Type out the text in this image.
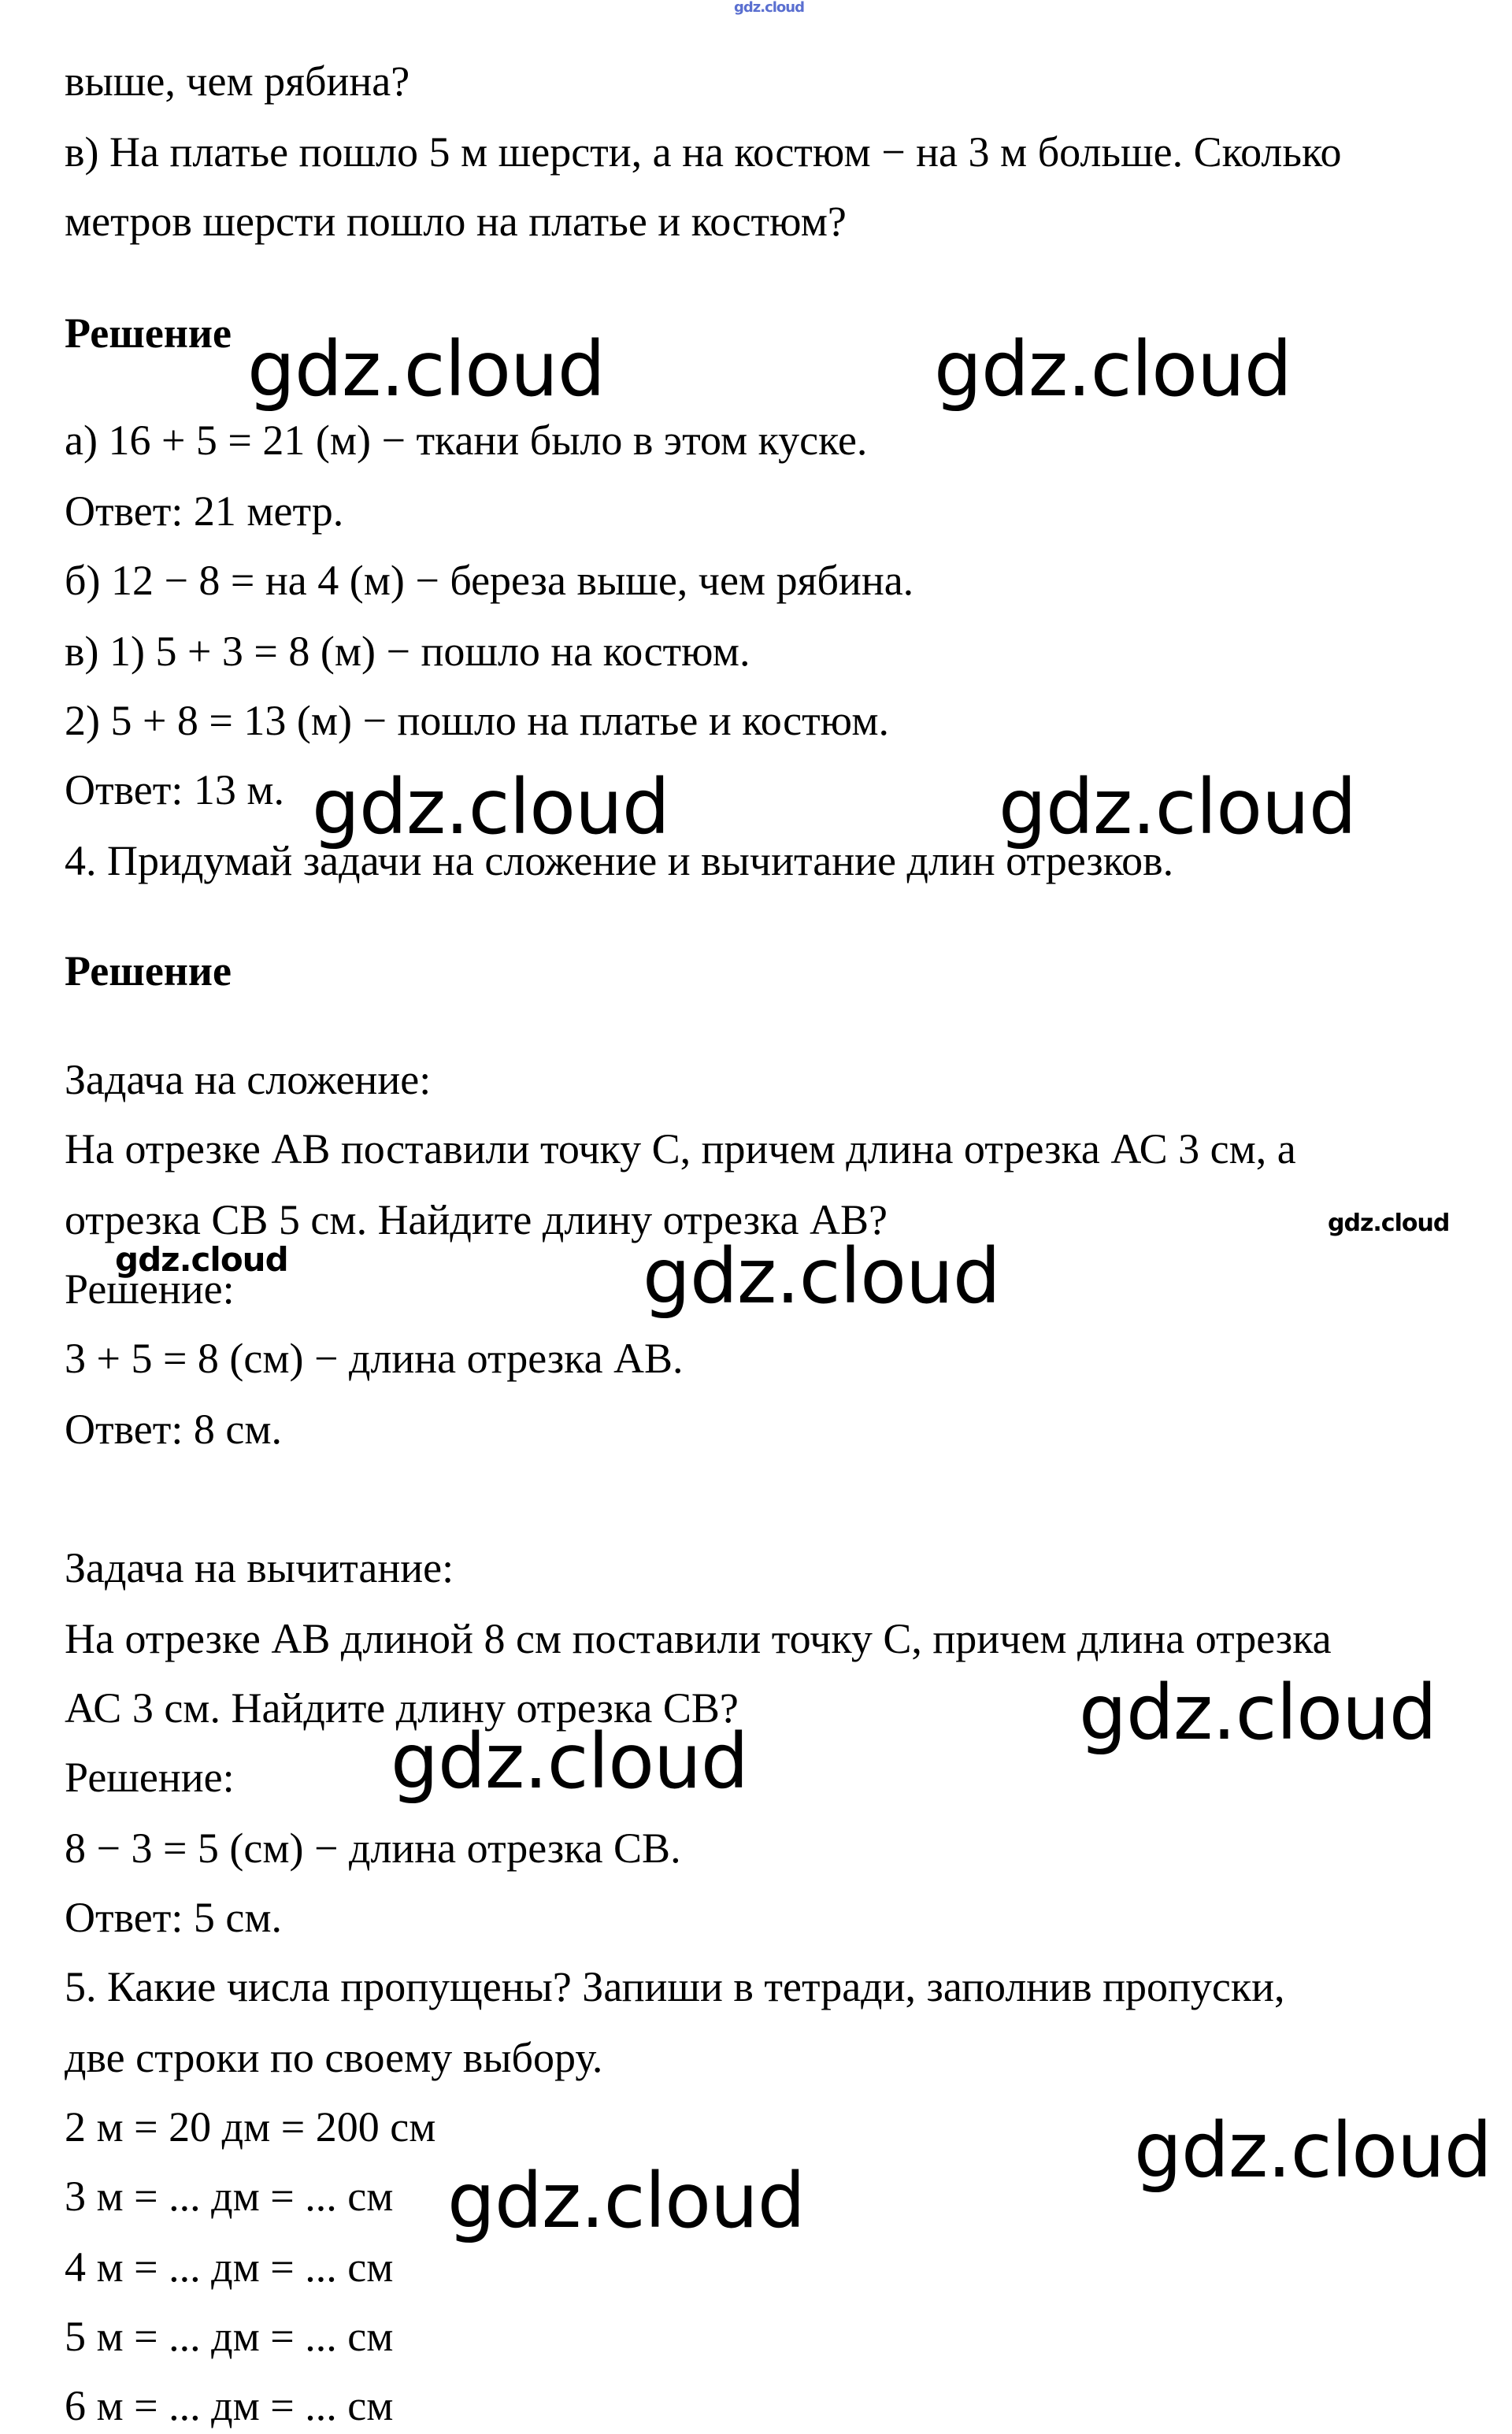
gdz.cloud
выше, чем рябина?
в) На платье пошло 5 м шерсти, а на костюм − на 3 м больше. Сколько
метров шерсти пошло на платье и костюм?
Решение
а) 16 + 5 = 21 (м) − ткани было в этом куске.
Ответ: 21 метр.
б) 12 − 8 = на 4 (м) − береза выше, чем рябина.
в) 1) 5 + 3 = 8 (м) − пошло на костюм.
2) 5 + 8 = 13 (м) − пошло на платье и костюм.
Ответ: 13 м.
4. Придумай задачи на сложение и вычитание длин отрезков.
Решение
Задача на сложение:
На отрезке АВ поставили точку С, причем длина отрезка АС 3 см, а
отрезка СВ 5 см. Найдите длину отрезка АВ?
Решение:
3 + 5 = 8 (см) − длина отрезка АВ.
Ответ: 8 см.
Задача на вычитание:
На отрезке АВ длиной 8 см поставили точку С, причем длина отрезка
АС 3 см. Найдите длину отрезка СВ?
Решение:
8 − 3 = 5 (см) − длина отрезка СВ.
Ответ: 5 см.
5. Какие числа пропущены? Запиши в тетради, заполнив пропуски,
две строки по своему выбору.
2 м = 20 дм = 200 см
3 м = ... дм = ... см
4 м = ... дм = ... см
5 м = ... дм = ... см
6 м = ... дм = ... см
gdz.cloud	gdz.cloud
gdz.cloud	gdz.cloud
gdz.cloud
gdz.cloud	gdz.cloud
gdz.cloud
gdz.cloud
gdz.cloud
gdz.cloud
